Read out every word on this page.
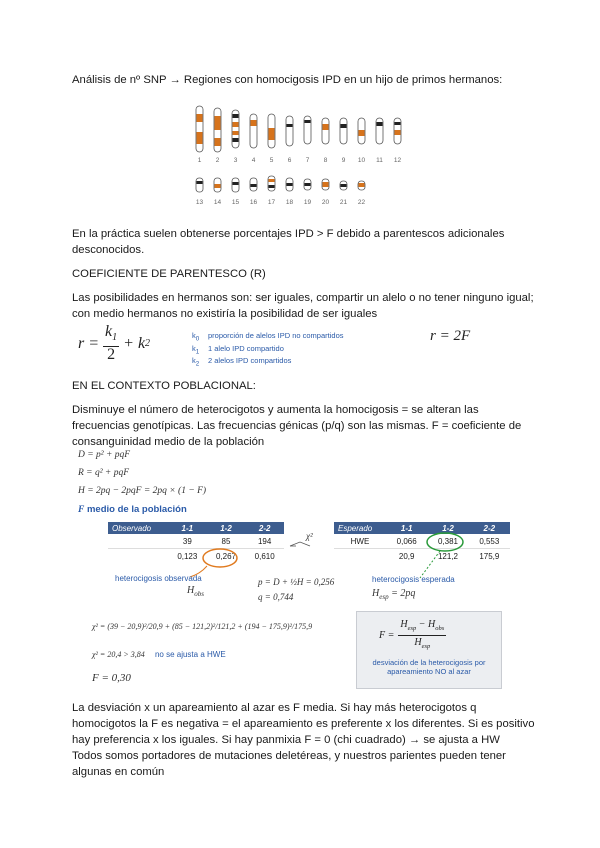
Análisis de nº SNP → Regiones con homocigosis IPD en un hijo de primos hermanos:

1 2 3 4 5 6 7 8 9 10 11 12
13 14 15 16 17 18 19 20 21 22

En la práctica suelen obtenerse porcentajes IPD > F debido a parentescos adicionales desconocidos.

COEFICIENTE DE PARENTESCO (R)

Las posibilidades en hermanos son: ser iguales, compartir un alelo o no tener ninguno igual; con medio hermanos no existiría la posibilidad de ser iguales

$r = \frac{k_1}{2} + k$ 2
$k_0$ proporción de alelos IPD no compartidos
$k_1$ 1 alelo IPD compartido
$k_2$ 2 alelos IPD compartidos
r = 2F

EN EL CONTEXTO POBLACIONAL:

Disminuye el número de heterocigotos y aumenta la homocigosis = se alteran las frecuencias genotípicas. Las frecuencias génicas (p/q) son las mismas. F = coeficiente de consanguinidad medio de la población

D = p² + pqF
R = q² + pqF
H = 2pq − 2pqF = 2pq × (1 − F)
F medio de la población
Observado	1-1	1-2	2-2
	39	85	194
	0,123	0,267	0,610
Esperado	1-1	1-2	2-2
HWE	0,066	0,381	0,553
	20,9	121,2	175,9
χ²
heterocigosis observada
$H_{obs}$
p = D + ½H = 0,256
q = 0,744
heterocigosis esperada
$H_{esp} = 2pq$
χ² = (39 − 20,9)²/20,9 + (85 − 121,2)²/121,2 + (194 − 175,9)²/175,9
χ² = 20,4 > 3,84 no se ajusta a HWE
F = 0,30
F =
$H_{esp} - H_{obs}$
$H_{esp}$
desviación de la heterocigosis por apareamiento NO al azar

La desviación x un apareamiento al azar es F media. Si hay más heterocigotos q homocigotos la F es negativa = el apareamiento es preferente x los diferentes. Si es positivo hay preferencia x los iguales. Si hay panmixia F = 0 (chi cuadrado) → se ajusta a HW

Todos somos portadores de mutaciones deletéreas, y nuestros parientes pueden tener algunas en común
